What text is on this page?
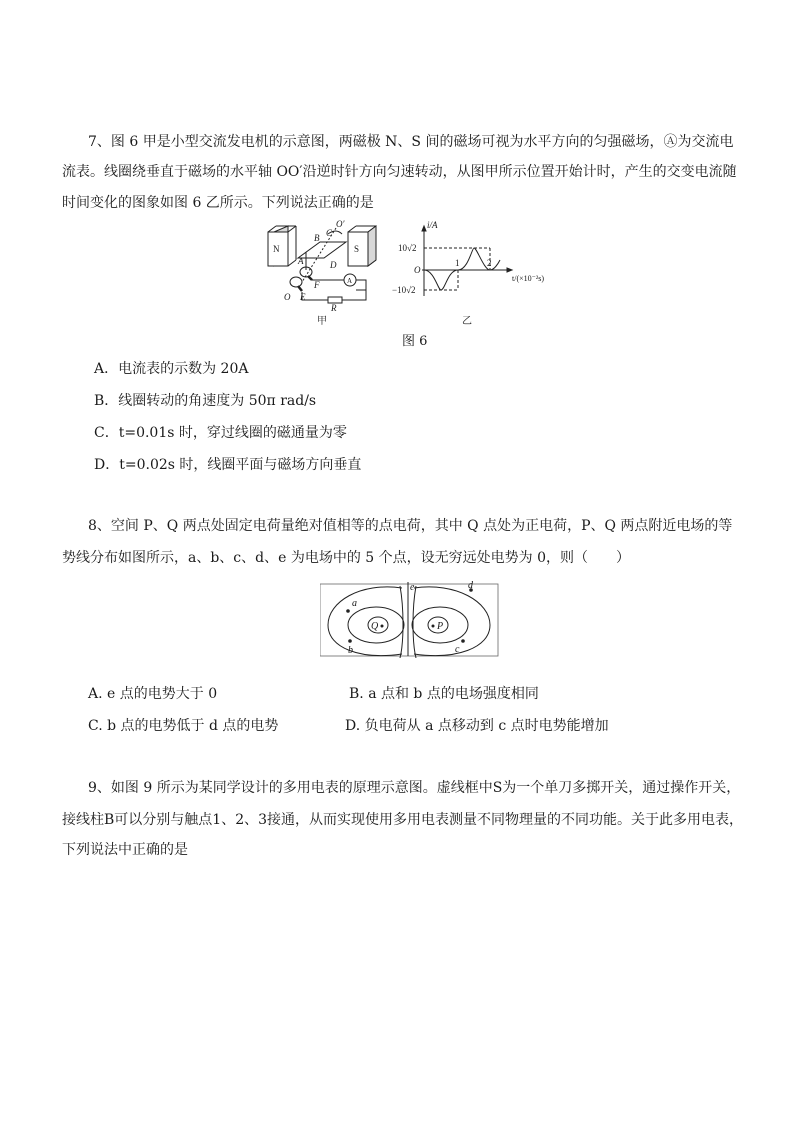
7、图 6 甲是小型交流发电机的示意图，两磁极 N、S 间的磁场可视为水平方向的匀强磁场，Ⓐ为交流电
流表。线圈绕垂直于磁场的水平轴 OO′沿逆时针方向匀速转动，从图甲所示位置开始计时，产生的交变电流随
时间变化的图象如图 6 乙所示。下列说法正确的是
N	S
B C
O′
A	D
F
E
O
R
A
i/A
10√2
−10√2
O
1	2
t/(×10⁻²s)
甲	乙
图 6
A．电流表的示数为 20A
B．线圈转动的角速度为 50π rad/s
C．t=0.01s 时，穿过线圈的磁通量为零
D．t=0.02s 时，线圈平面与磁场方向垂直
8、空间 P、Q 两点处固定电荷量绝对值相等的点电荷，其中 Q 点处为正电荷，P、Q 两点附近电场的等
势线分布如图所示，a、b、c、d、e 为电场中的 5 个点，设无穷远处电势为 0，则（　　）
a
b	c
d
e
Q	P
A. e 点的电势大于 0	B. a 点和 b 点的电场强度相同
C. b 点的电势低于 d 点的电势	D. 负电荷从 a 点移动到 c 点时电势能增加
9、如图 9 所示为某同学设计的多用电表的原理示意图。虚线框中S为一个单刀多掷开关，通过操作开关，
接线柱B可以分别与触点1、2、3接通，从而实现使用多用电表测量不同物理量的不同功能。关于此多用电表，
下列说法中正确的是
